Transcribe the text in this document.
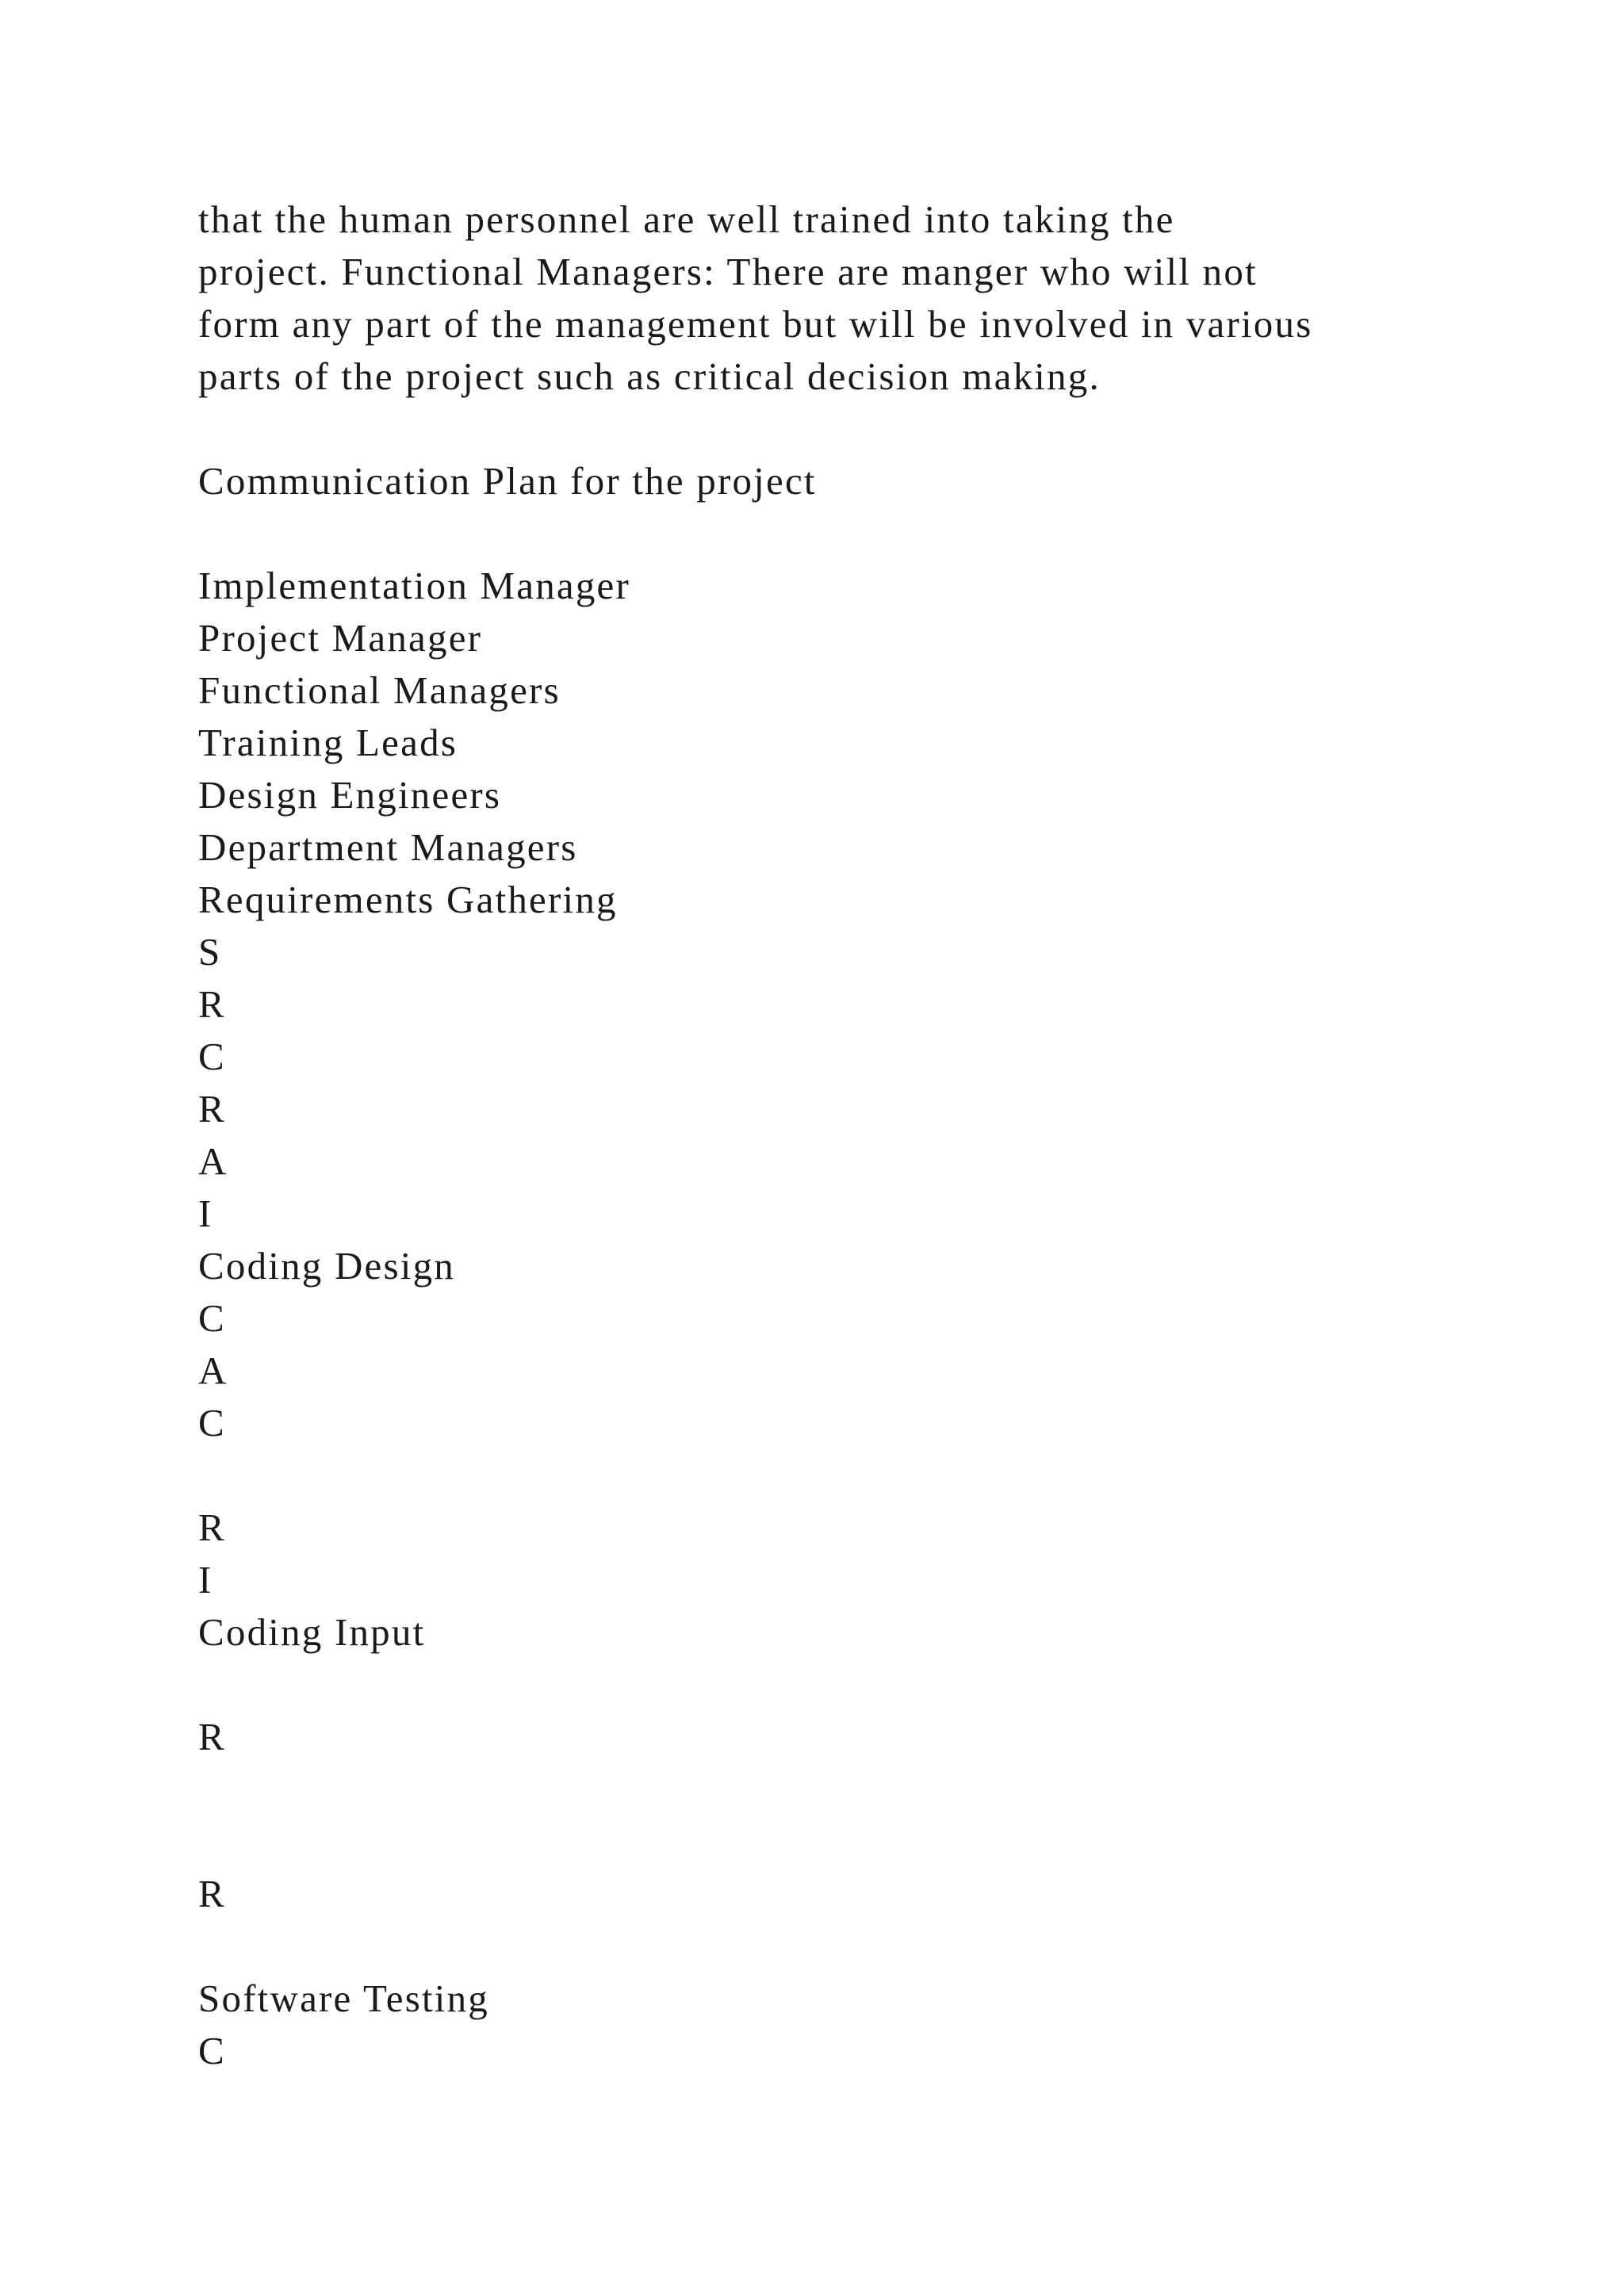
that the human personnel are well trained into taking the
project. Functional Managers: There are manger who will not
form any part of the management but will be involved in various
parts of the project such as critical decision making.
Communication Plan for the project
Implementation Manager
Project Manager
Functional Managers
Training Leads
Design Engineers
Department Managers
Requirements Gathering
S
R
C
R
A
I
Coding Design
C
A
C
R
I
Coding Input
R
R
Software Testing
C
